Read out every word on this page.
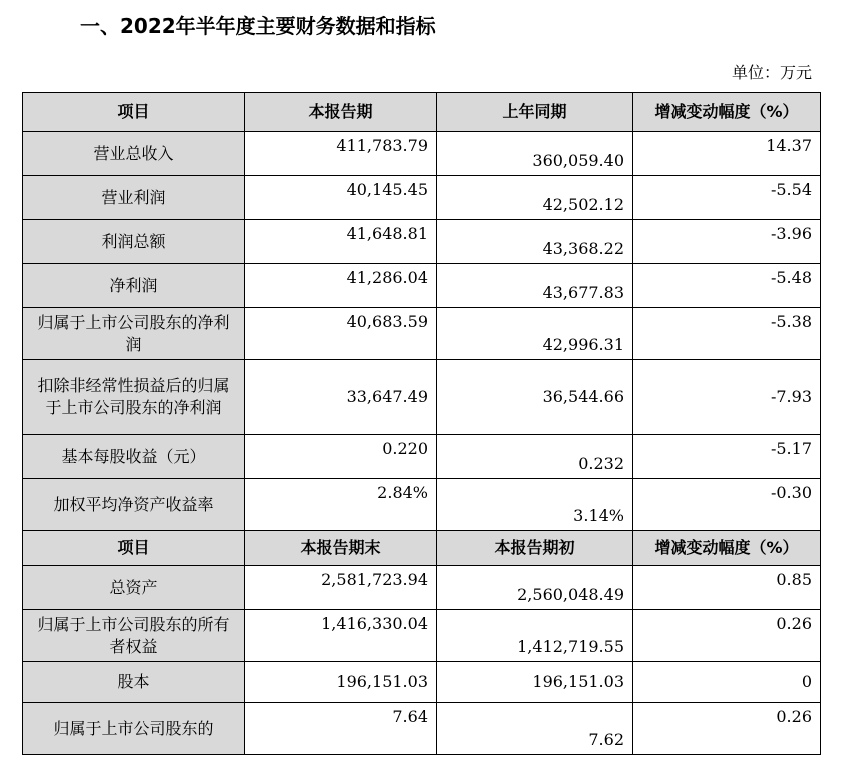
一、2022年半年度主要财务数据和指标
单位：万元
项目	本报告期	上年同期	增减变动幅度（%）
营业总收入	411,783.79	360,059.40	14.37
营业利润	40,145.45	42,502.12	-5.54
利润总额	41,648.81	43,368.22	-3.96
净利润	41,286.04	43,677.83	-5.48
归属于上市公司股东的净利润	40,683.59	42,996.31	-5.38
扣除非经常性损益后的归属于上市公司股东的净利润	33,647.49	36,544.66	-7.93
基本每股收益（元）	0.220	0.232	-5.17
加权平均净资产收益率	2.84%	3.14%	-0.30
项目	本报告期末	本报告期初	增减变动幅度（%）
总资产	2,581,723.94	2,560,048.49	0.85
归属于上市公司股东的所有者权益	1,416,330.04	1,412,719.55	0.26
股本	196,151.03	196,151.03	0
归属于上市公司股东的	7.64	7.62	0.26
